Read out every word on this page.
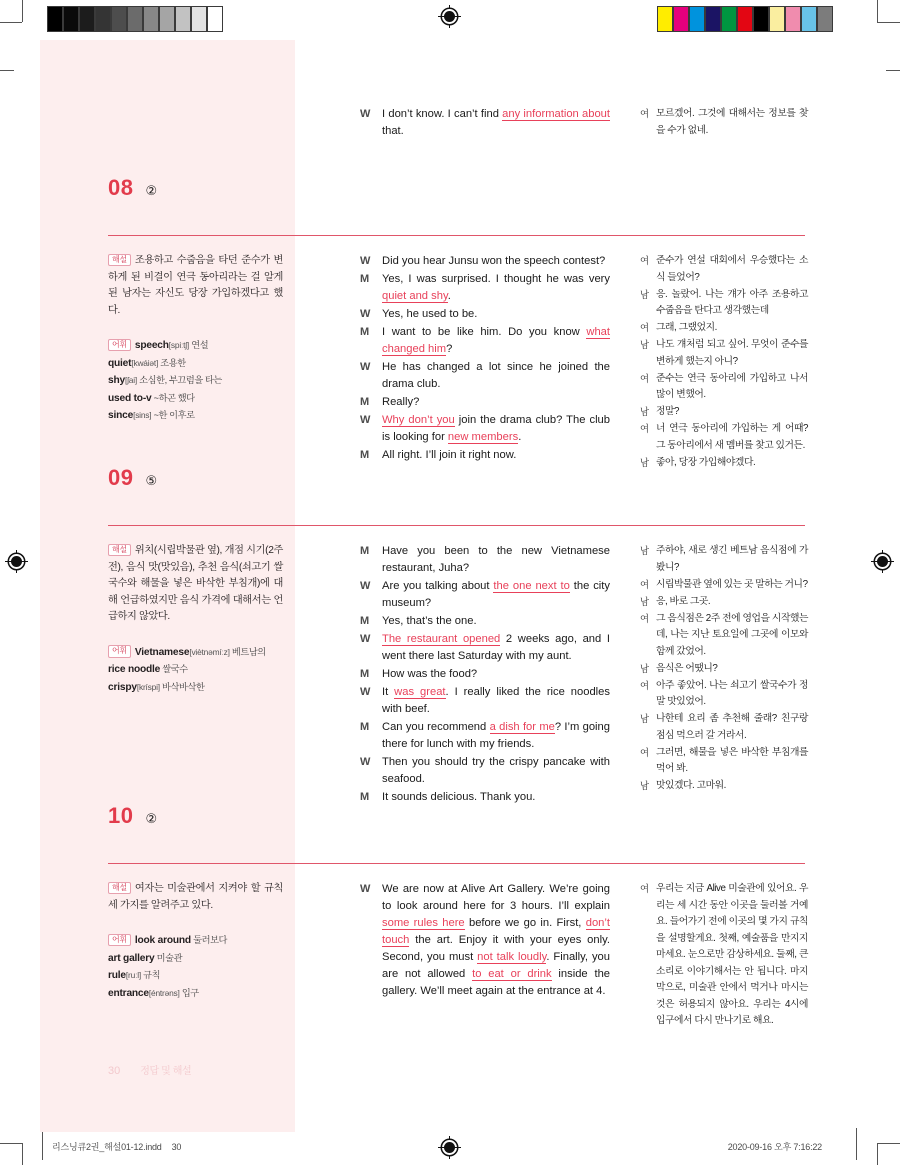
W	I don’t know. I can’t find any information about that.
여 모르겠어. 그것에 대해서는 정보를 찾을 수가 없네.
08 ②
해설 조용하고 수줍음을 타던 준수가 변하게 된 비결이 연극 동아리라는 걸 알게 된 남자는 자신도 당장 가입하겠다고 했다.
어휘 speech[spiːtʃ] 연설
quiet[kwáiət] 조용한
shy[ʃai] 소심한, 부끄럼을 타는
used to-v ~하곤 했다
since[sins] ~한 이후로
W	Did you hear Junsu won the speech contest?
M	Yes, I was surprised. I thought he was very quiet and shy.
W	Yes, he used to be.
M	I want to be like him. Do you know what changed him?
W	He has changed a lot since he joined the drama club.
M	Really?
W	Why don’t you join the drama club? The club is looking for new members.
M	All right. I’ll join it right now.
여 준수가 연설 대회에서 우승했다는 소식 들었어?
남 응. 놀랐어. 나는 걔가 아주 조용하고 수줍음을 탄다고 생각했는데
여 그래, 그랬었지.
남 나도 걔처럼 되고 싶어. 무엇이 준수를 변하게 했는지 아니?
여 준수는 연극 동아리에 가입하고 나서 많이 변했어.
남 정말?
여 너 연극 동아리에 가입하는 게 어때? 그 동아리에서 새 멤버를 찾고 있거든.
남 좋아, 당장 가입해야겠다.
09 ⑤
해설 위치(시립박물관 옆), 개점 시기(2주 전), 음식 맛(맛있음), 추천 음식(쇠고기 쌀국수와 해물을 넣은 바삭한 부침개)에 대해 언급하였지만 음식 가격에 대해서는 언급하지 않았다.
어휘 Vietnamese[viètnəmíːz] 베트남의
rice noodle 쌀국수
crispy[kríspi] 바삭바삭한
M	Have you been to the new Vietnamese restaurant, Juha?
W	Are you talking about the one next to the city museum?
M	Yes, that’s the one.
W	The restaurant opened 2 weeks ago, and I went there last Saturday with my aunt.
M	How was the food?
W	It was great. I really liked the rice noodles with beef.
M	Can you recommend a dish for me? I’m going there for lunch with my friends.
W	Then you should try the crispy pancake with seafood.
M	It sounds delicious. Thank you.
남 주하야, 새로 생긴 베트남 음식점에 가 봤니?
여 시립박물관 옆에 있는 곳 말하는 거니?
남 응, 바로 그곳.
여 그 음식점은 2주 전에 영업을 시작했는데, 나는 지난 토요일에 그곳에 이모와 함께 갔었어.
남 음식은 어땠니?
여 아주 좋았어. 나는 쇠고기 쌀국수가 정말 맛있었어.
남 나한테 요리 좀 추천해 줄래? 친구랑 점심 먹으러 갈 거라서.
여 그러면, 해물을 넣은 바삭한 부침개를 먹어 봐.
남 맛있겠다. 고마워.
10 ②
해설 여자는 미술관에서 지켜야 할 규칙 세 가지를 알려주고 있다.
어휘 look around 둘러보다
art gallery 미술관
rule[ruːl] 규칙
entrance[éntrəns] 입구
W	We are now at Alive Art Gallery. We’re going to look around here for 3 hours. I’ll explain some rules here before we go in. First, don’t touch the art. Enjoy it with your eyes only. Second, you must not talk loudly. Finally, you are not allowed to eat or drink inside the gallery. We’ll meet again at the entrance at 4.
여 우리는 지금 Alive 미술관에 있어요. 우리는 세 시간 동안 이곳을 둘러볼 거예요. 들어가기 전에 이곳의 몇 가지 규칙을 설명할게요. 첫째, 예술품을 만지지 마세요. 눈으로만 감상하세요. 둘째, 큰 소리로 이야기해서는 안 됩니다. 마지막으로, 미술관 안에서 먹거나 마시는 것은 허용되지 않아요. 우리는 4시에 입구에서 다시 만나기로 해요.
30 정답 및 해설
리스닝큐2권_해설01-12.indd 30	2020-09-16 오후 7:16:22
